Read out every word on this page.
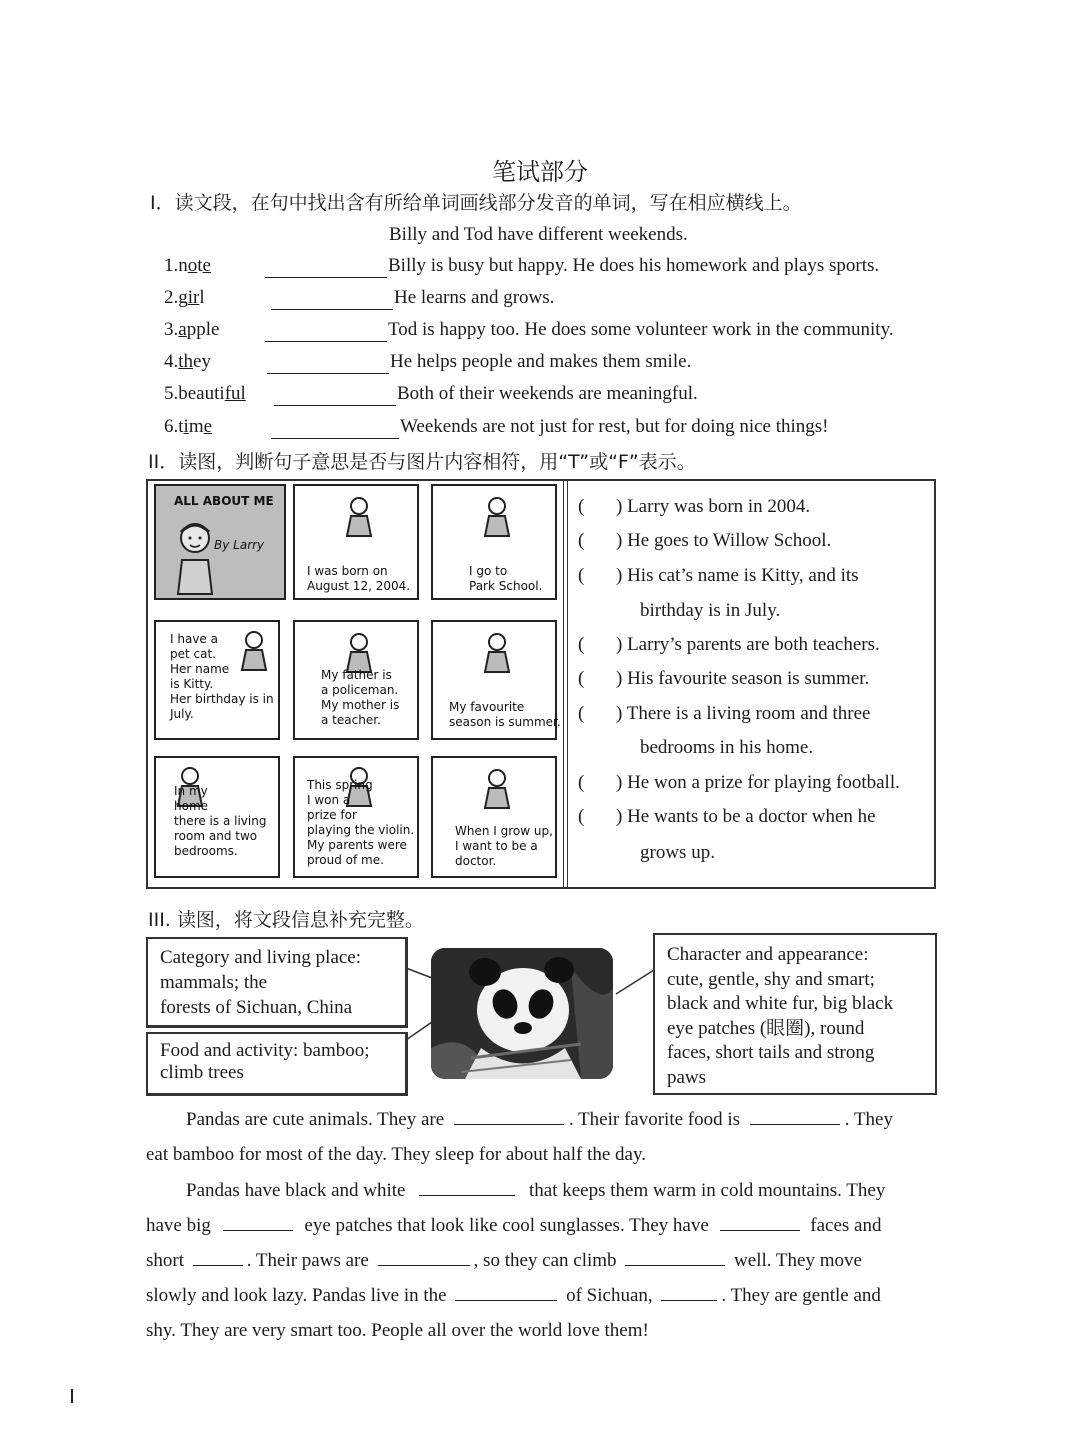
笔试部分
I．读文段，在句中找出含有所给单词画线部分发音的单词，写在相应横线上。
Billy and Tod have different weekends.
1.note	Billy is busy but happy. He does his homework and plays sports.
2.girl	He learns and grows.
3.apple	Tod is happy too. He does some volunteer work in the community.
4.they	He helps people and makes them smile.
5.beautiful	Both of their weekends are meaningful.
6.time	Weekends are not just for rest, but for doing nice things!
II．读图，判断句子意思是否与图片内容相符，用“T”或“F”表示。
ALL ABOUT ME
By Larry
I was born on
August 12, 2004.
I go to
Park School.
I have a
pet cat.
Her name
is Kitty.
Her birthday is in
July.
My father is
a policeman.
My mother is
a teacher.
My favourite
season is summer.
In my
home
there is a living
room and two
bedrooms.
This spring
I won a
prize for
playing the violin.
My parents were
proud of me.
When I grow up,
I want to be a
doctor.
( ) Larry was born in 2004.
( ) He goes to Willow School.
( ) His cat’s name is Kitty, and its
birthday is in July.
( ) Larry’s parents are both teachers.
( ) His favourite season is summer.
( ) There is a living room and three
bedrooms in his home.
( ) He won a prize for playing football.
( ) He wants to be a doctor when he
grows up.
III. 读图，将文段信息补充完整。
Category and living place:
mammals; the
forests of Sichuan, China
Food and activity: bamboo;
climb trees
Character and appearance:
cute, gentle, shy and smart;
black and white fur, big black
eye patches (眼圈), round
faces, short tails and strong
paws
Pandas are cute animals. They are	. Their favorite food is	. They
eat bamboo for most of the day. They sleep for about half the day.
Pandas have black and white	that keeps them warm in cold mountains. They
have big	eye patches that look like cool sunglasses. They have	faces and
short	. Their paws are	, so they can climb	well. They move
slowly and look lazy. Pandas live in the	of Sichuan,	. They are gentle and
shy. They are very smart too. People all over the world love them!
